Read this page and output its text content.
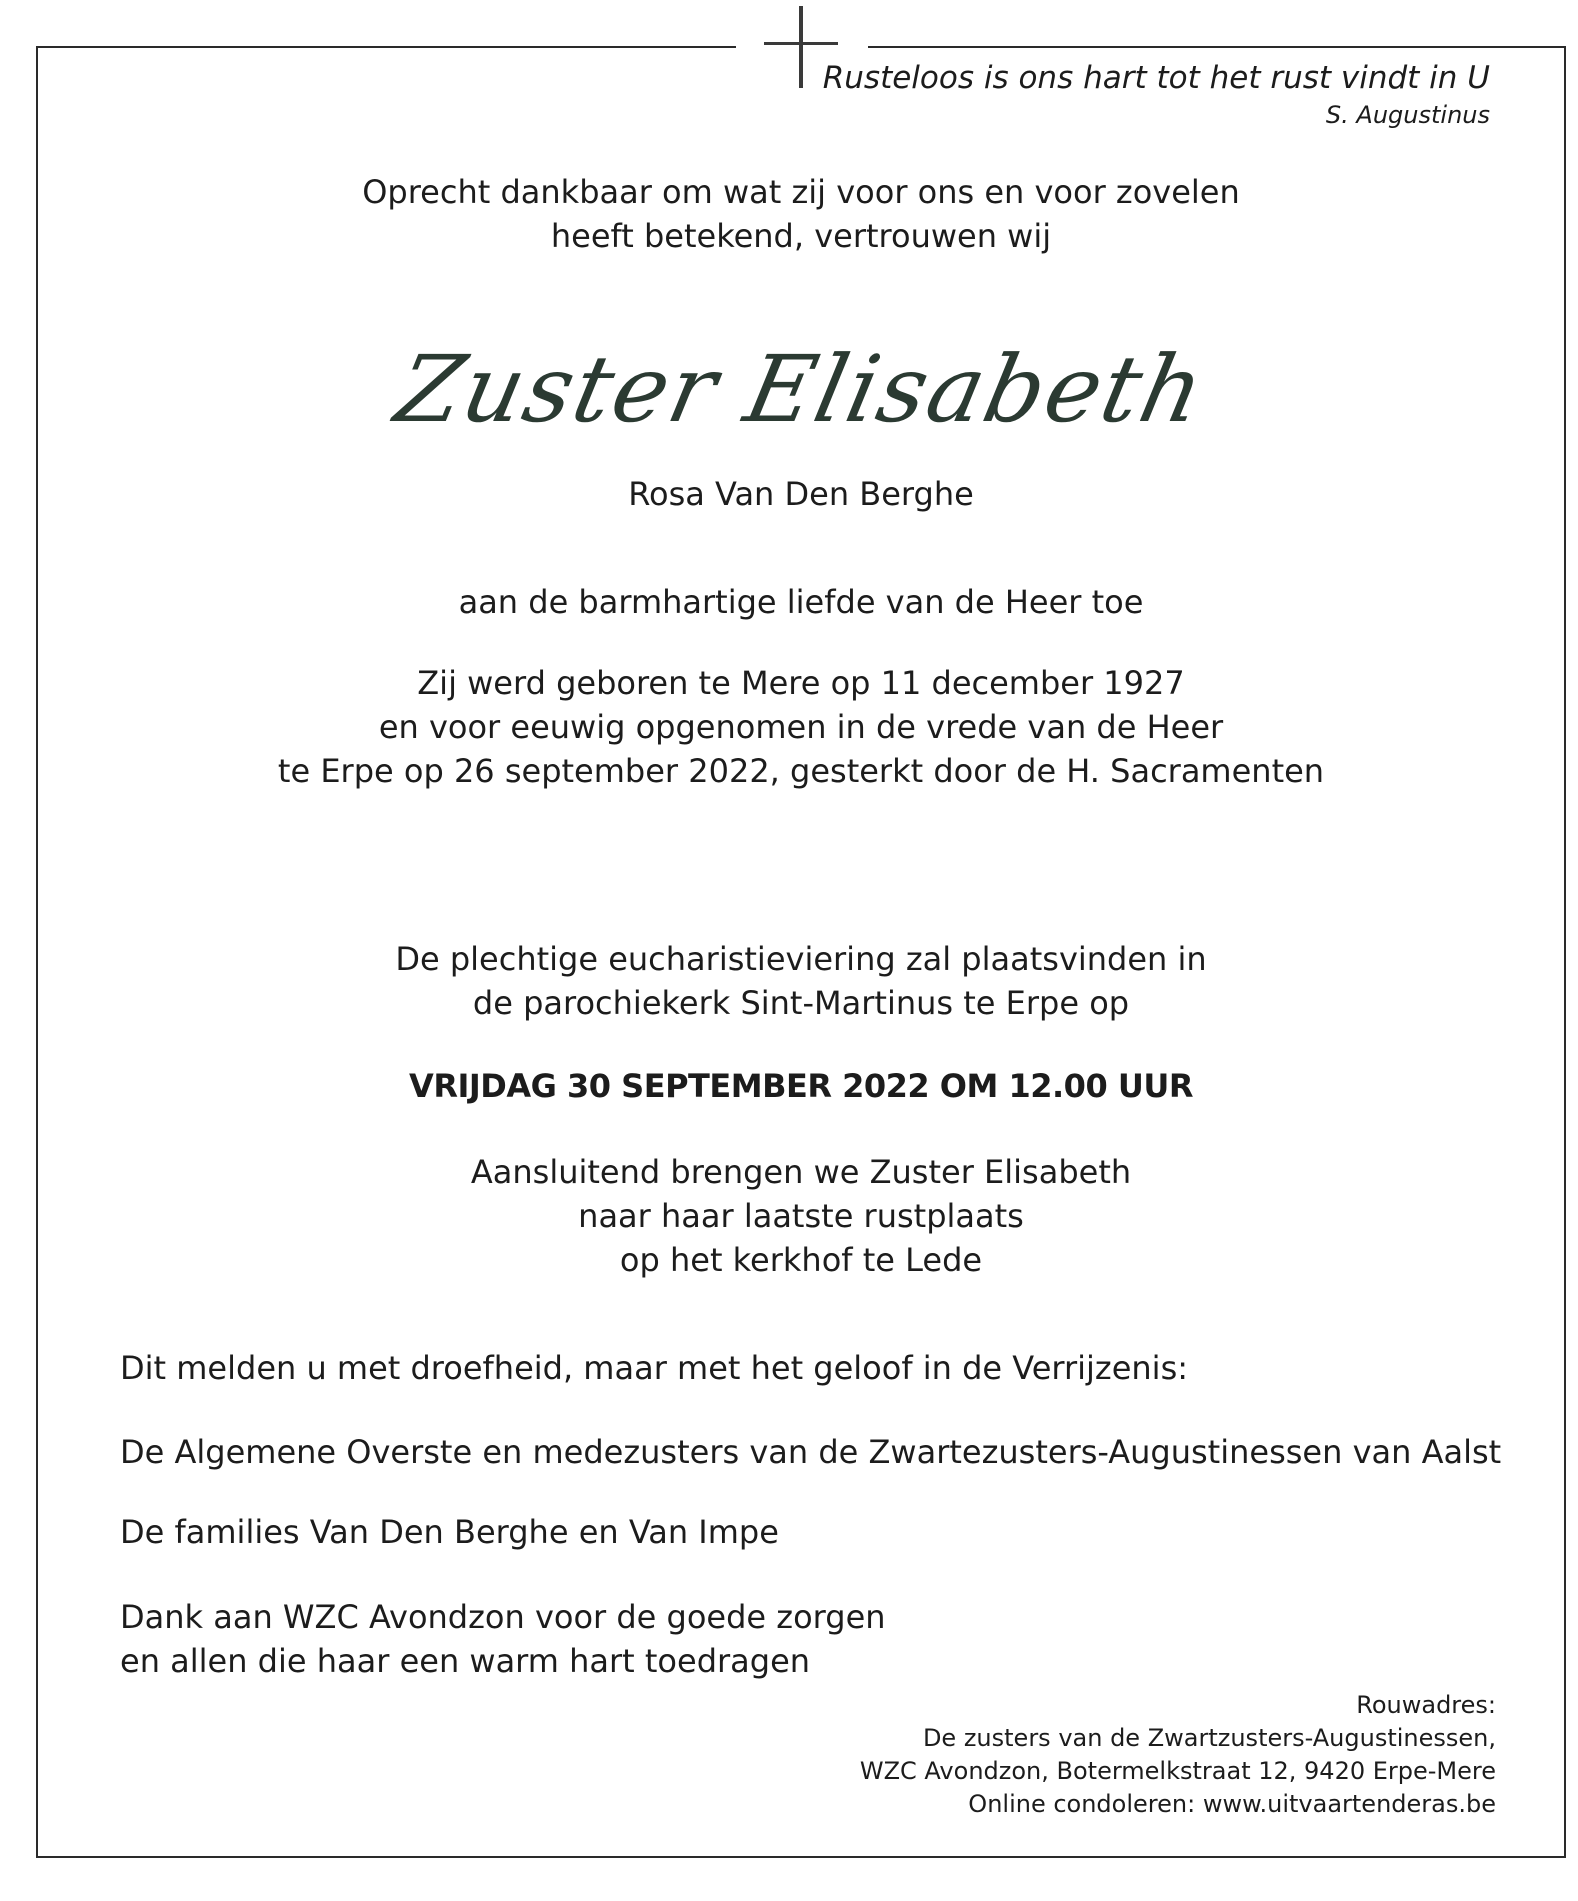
Rusteloos is ons hart tot het rust vindt in U
S. Augustinus
Oprecht dankbaar om wat zij voor ons en voor zovelen
heeft betekend, vertrouwen wij
Zuster Elisabeth
Rosa Van Den Berghe
aan de barmhartige liefde van de Heer toe
Zij werd geboren te Mere op 11 december 1927
en voor eeuwig opgenomen in de vrede van de Heer
te Erpe op 26 september 2022, gesterkt door de H. Sacramenten
De plechtige eucharistieviering zal plaatsvinden in
de parochiekerk Sint-Martinus te Erpe op
VRIJDAG 30 SEPTEMBER 2022 OM 12.00 UUR
Aansluitend brengen we Zuster Elisabeth
naar haar laatste rustplaats
op het kerkhof te Lede
Dit melden u met droefheid, maar met het geloof in de Verrijzenis:
De Algemene Overste en medezusters van de Zwartezusters-Augustinessen van Aalst
De families Van Den Berghe en Van Impe
Dank aan WZC Avondzon voor de goede zorgen
en allen die haar een warm hart toedragen
Rouwadres:
De zusters van de Zwartzusters-Augustinessen,
WZC Avondzon, Botermelkstraat 12, 9420 Erpe-Mere
Online condoleren: www.uitvaartenderas.be
